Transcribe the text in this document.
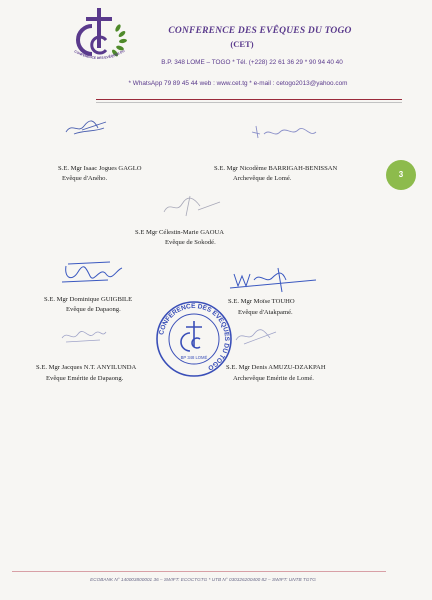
CONFERENCE DES EVÊQUES DU
CONFERENCE DES EVÊQUES DU TOGO
(CET)
B.P. 348 LOME – TOGO * Tél. (+228) 22 61 36 29 * 90 94 40 40
* WhatsApp 79 89 45 44 web : www.cet.tg * e-mail : cetogo2013@yahoo.com
3
S.E. Mgr Isaac Jogues GAGLO
Evêque d'Aného.
S.E. Mgr Nicodème BARRIGAH-BENISSAN
Archevêque de Lomé.
S.E Mgr Célestin-Marie GAOUA
Evêque de Sokodé.
S.E. Mgr Dominique GUIGBILE
Evêque de Dapaong.
S.E. Mgr Moïse TOUHO
Evêque d'Atakpamé.
S.E. Mgr Jacques N.T. ANYILUNDA
Evêque Emérite de Dapaong.
S.E. Mgr Denis AMUZU-DZAKPAH
Archevêque Emérite de Lomé.
CONFERENCE DES EVÊQUES DU TOGO
BP 348 LOMÉ
ECOBANK N° 140003800001 36 – SWIFT: ECOCTGTG * UTB N° 030326200400 82 – SWIFT: UNTB TGTG
